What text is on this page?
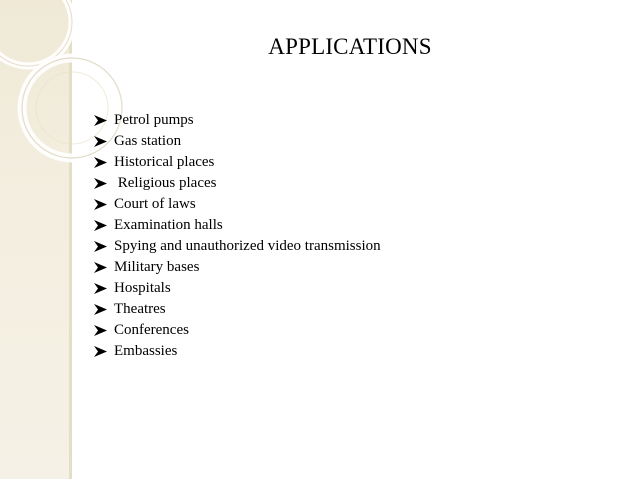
APPLICATIONS
Petrol pumps
Gas station
Historical places
Religious places
Court of laws
Examination halls
Spying and unauthorized video transmission
Military bases
Hospitals
Theatres
Conferences
Embassies
